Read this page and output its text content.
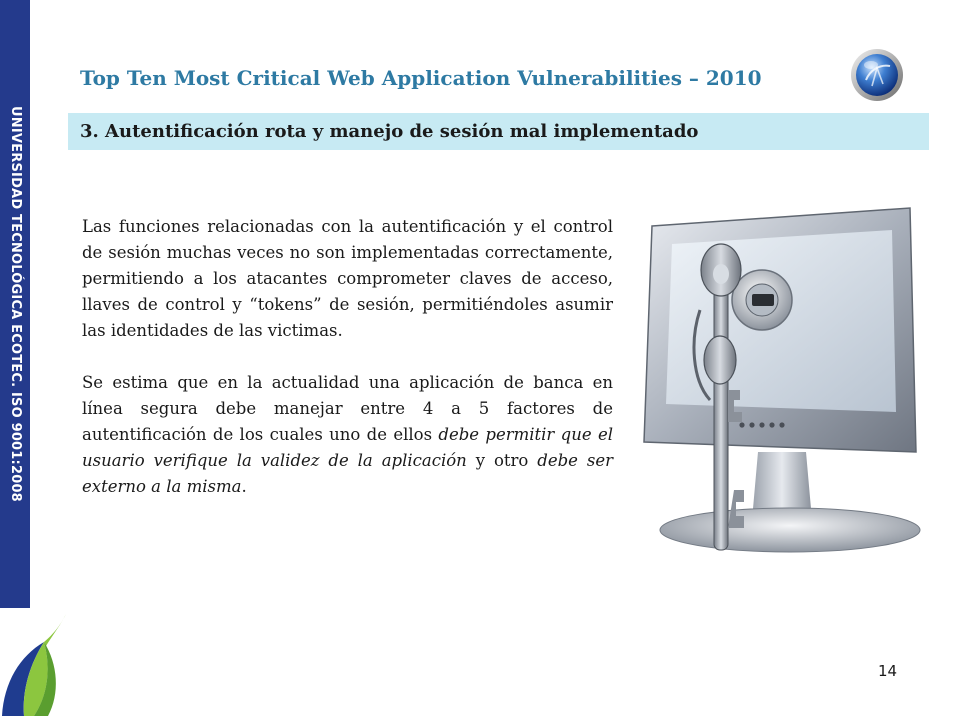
UNIVERSIDAD TECNOLÓGICA ECOTEC. ISO 9001:2008
Top Ten Most Critical Web Application Vulnerabilities – 2010
3. Autentificación rota y manejo de sesión mal implementado

Las funciones relacionadas con la autentificación y el control de sesión muchas veces no son implementadas correctamente, permitiendo a los atacantes comprometer claves de acceso, llaves de control y “tokens” de sesión, permitiéndoles asumir las identidades de las victimas.

Se estima que en la actualidad una aplicación de banca en línea segura debe manejar entre 4 a 5 factores de autentificación de los cuales uno de ellos debe permitir que el usuario verifique la validez de la aplicación y otro debe ser externo a la misma.

14
